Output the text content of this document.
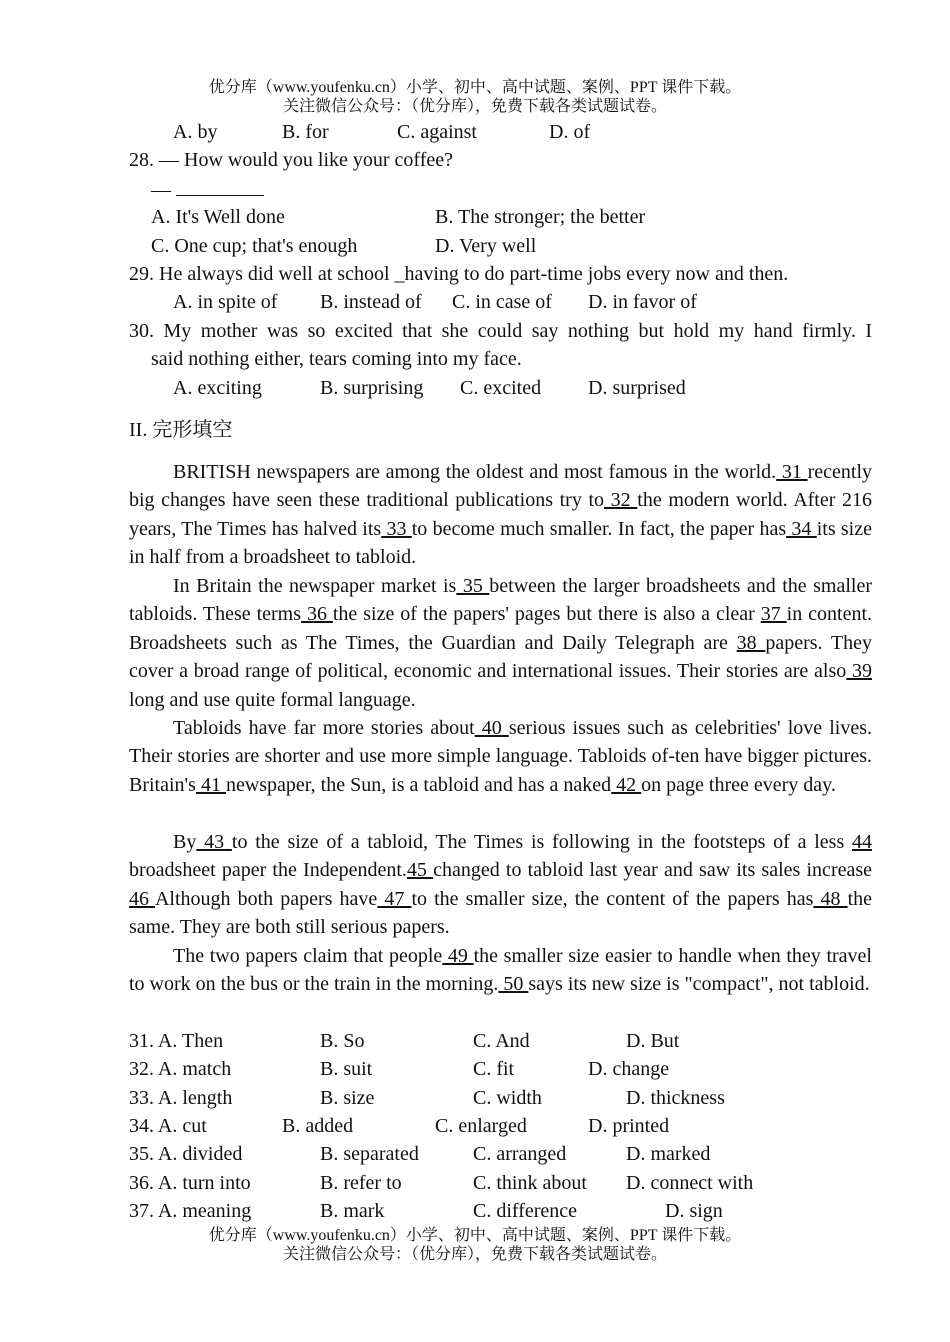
优分库（www.youfenku.cn）小学、初中、高中试题、案例、PPT 课件下载。
关注微信公众号：（优分库），免费下载各类试题试卷。
A. by	B. for	C. against	D. of
28. — How would you like your coffee?
—
A. It's Well done	B. The stronger; the better
C. One cup; that's enough	D. Very well
29. He always did well at school _having to do part-time jobs every now and then.
A. in spite of B. instead of C. in case of D. in favor of
30. My mother was so excited that she could say nothing but hold my hand firmly. I
said nothing either, tears coming into my face.
A. exciting	B. surprising C. excited D. surprised
II. 完形填空
BRITISH newspapers are among the oldest and most famous in the world. 31 recently big changes have seen these traditional publications try to 32 the modern world. After 216 years, The Times has halved its 33 to become much smaller. In fact, the paper has 34 its size in half from a broadsheet to tabloid.
In Britain the newspaper market is 35 between the larger broadsheets and the smaller tabloids. These terms 36 the size of the papers' pages but there is also a clear 37 in content. Broadsheets such as The Times, the Guardian and Daily Telegraph are 38 papers. They cover a broad range of political, economic and international issues. Their stories are also 39 long and use quite formal language.
Tabloids have far more stories about 40 serious issues such as celebrities' love lives. Their stories are shorter and use more simple language. Tabloids of-ten have bigger pictures. Britain's 41 newspaper, the Sun, is a tabloid and has a naked 42 on page three every day.
By 43 to the size of a tabloid, The Times is following in the footsteps of a less 44 broadsheet paper the Independent.45 changed to tabloid last year and saw its sales increase 46 Although both papers have 47 to the smaller size, the content of the papers has 48 the same. They are both still serious papers.
The two papers claim that people 49 the smaller size easier to handle when they travel to work on the bus or the train in the morning. 50 says its new size is "compact", not tabloid.
31. A. Then	B. So	C. And	D. But
32. A. match	B. suit	C. fit	D. change
33. A. length	B. size	C. width	D. thickness
34. A. cut	B. added	C. enlarged	D. printed
35. A. divided	B. separated	C. arranged	D. marked
36. A. turn into	B. refer to	C. think about D. connect with
37. A. meaning	B. mark	C. difference	D. sign
优分库（www.youfenku.cn）小学、初中、高中试题、案例、PPT 课件下载。
关注微信公众号：（优分库），免费下载各类试题试卷。
